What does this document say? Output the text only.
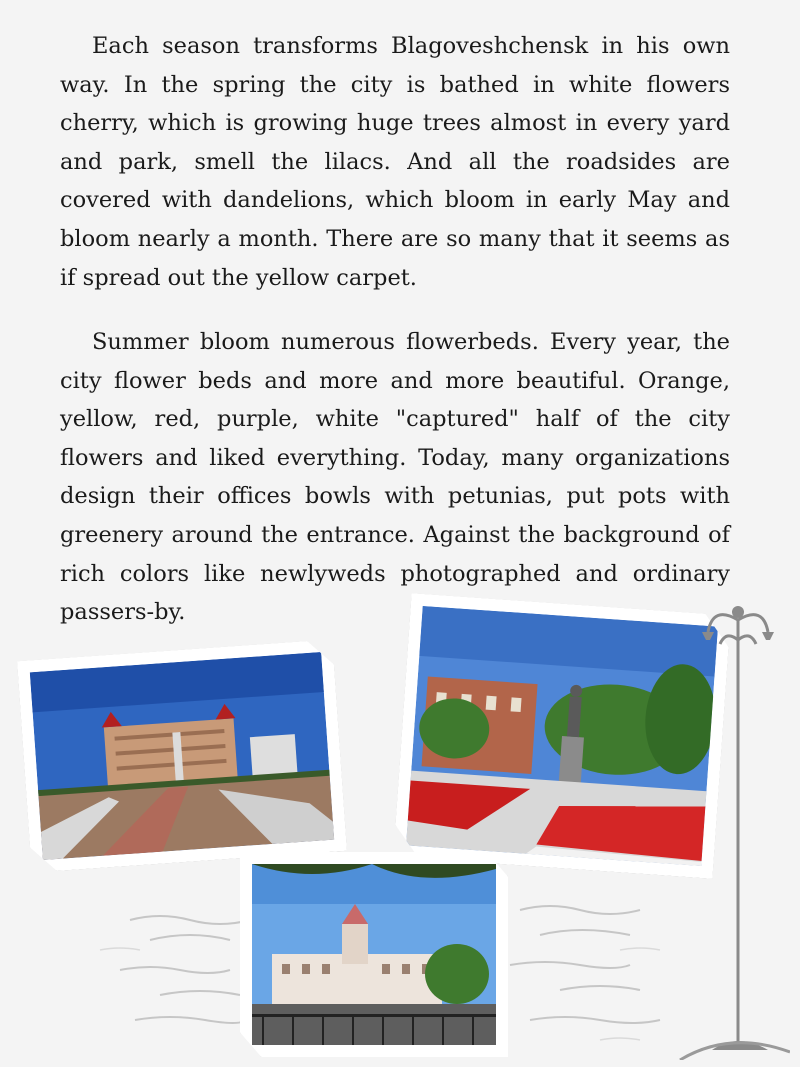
Each season transforms Blagoveshchensk in his own way. In the spring the city is bathed in white flowers cherry, which is growing huge trees almost in every yard and park, smell the lilacs. And all the roadsides are covered with dandelions, which bloom in early May and bloom nearly a month. There are so many that it seems as if spread out the yellow carpet.

Summer bloom numerous flowerbeds. Every year, the city flower beds and more and more beautiful. Orange, yellow, red, purple, white "captured" half of the city flowers and liked everything. Today, many organizations design their offices bowls with petunias, put pots with greenery around the entrance. Against the background of rich colors like newlyweds photographed and ordinary passers-by.
